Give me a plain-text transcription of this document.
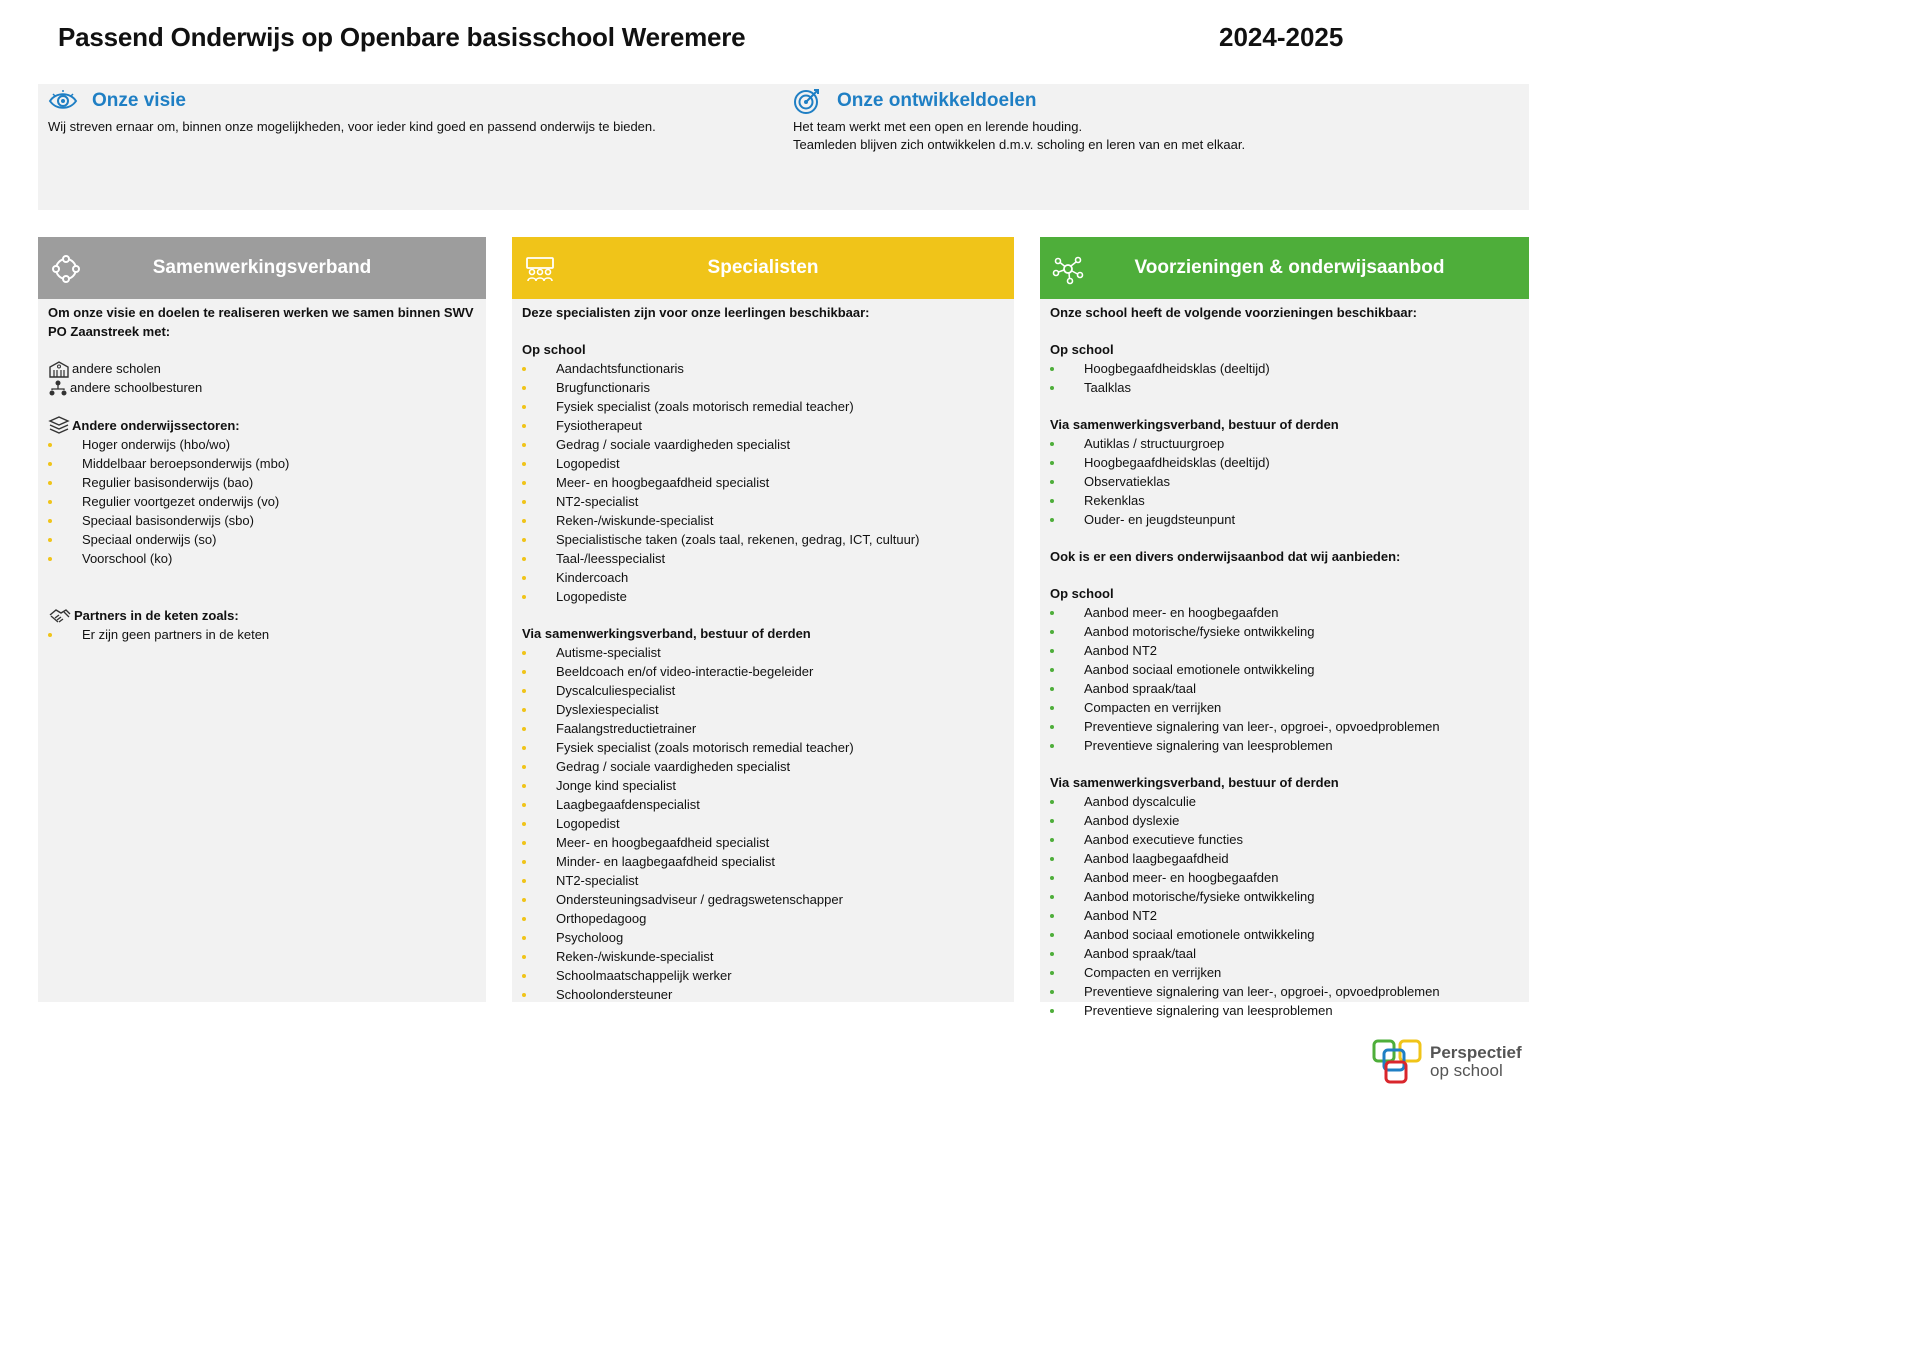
Passend Onderwijs op Openbare basisschool Weremere	2024-2025
Onze visie
Wij streven ernaar om, binnen onze mogelijkheden, voor ieder kind goed en passend onderwijs te bieden.
Onze ontwikkeldoelen
Het team werkt met een open en lerende houding.
Teamleden blijven zich ontwikkelen d.m.v. scholing en leren van en met elkaar.
Samenwerkingsverband
Om onze visie en doelen te realiseren werken we samen binnen SWV PO Zaanstreek met:
andere scholen
andere schoolbesturen
Andere onderwijssectoren:
Hoger onderwijs (hbo/wo)
Middelbaar beroepsonderwijs (mbo)
Regulier basisonderwijs (bao)
Regulier voortgezet onderwijs (vo)
Speciaal basisonderwijs (sbo)
Speciaal onderwijs (so)
Voorschool (ko)
Partners in de keten zoals:
Er zijn geen partners in de keten
Specialisten
Deze specialisten zijn voor onze leerlingen beschikbaar:
Op school
Aandachtsfunctionaris
Brugfunctionaris
Fysiek specialist (zoals motorisch remedial teacher)
Fysiotherapeut
Gedrag / sociale vaardigheden specialist
Logopedist
Meer- en hoogbegaafdheid specialist
NT2-specialist
Reken-/wiskunde-specialist
Specialistische taken (zoals taal, rekenen, gedrag, ICT, cultuur)
Taal-/leesspecialist
Kindercoach
Logopediste
Via samenwerkingsverband, bestuur of derden
Autisme-specialist
Beeldcoach en/of video-interactie-begeleider
Dyscalculiespecialist
Dyslexiespecialist
Faalangstreductietrainer
Fysiek specialist (zoals motorisch remedial teacher)
Gedrag / sociale vaardigheden specialist
Jonge kind specialist
Laagbegaafdenspecialist
Logopedist
Meer- en hoogbegaafdheid specialist
Minder- en laagbegaafdheid specialist
NT2-specialist
Ondersteuningsadviseur / gedragswetenschapper
Orthopedagoog
Psycholoog
Reken-/wiskunde-specialist
Schoolmaatschappelijk werker
Schoolondersteuner
Voorzieningen & onderwijsaanbod
Onze school heeft de volgende voorzieningen beschikbaar:
Op school
Hoogbegaafdheidsklas (deeltijd)
Taalklas
Via samenwerkingsverband, bestuur of derden
Autiklas / structuurgroep
Hoogbegaafdheidsklas (deeltijd)
Observatieklas
Rekenklas
Ouder- en jeugdsteunpunt
Ook is er een divers onderwijsaanbod dat wij aanbieden:
Op school
Aanbod meer- en hoogbegaafden
Aanbod motorische/fysieke ontwikkeling
Aanbod NT2
Aanbod sociaal emotionele ontwikkeling
Aanbod spraak/taal
Compacten en verrijken
Preventieve signalering van leer-, opgroei-, opvoedproblemen
Preventieve signalering van leesproblemen
Via samenwerkingsverband, bestuur of derden
Aanbod dyscalculie
Aanbod dyslexie
Aanbod executieve functies
Aanbod laagbegaafdheid
Aanbod meer- en hoogbegaafden
Aanbod motorische/fysieke ontwikkeling
Aanbod NT2
Aanbod sociaal emotionele ontwikkeling
Aanbod spraak/taal
Compacten en verrijken
Preventieve signalering van leer-, opgroei-, opvoedproblemen
Preventieve signalering van leesproblemen
Perspectief
op school
